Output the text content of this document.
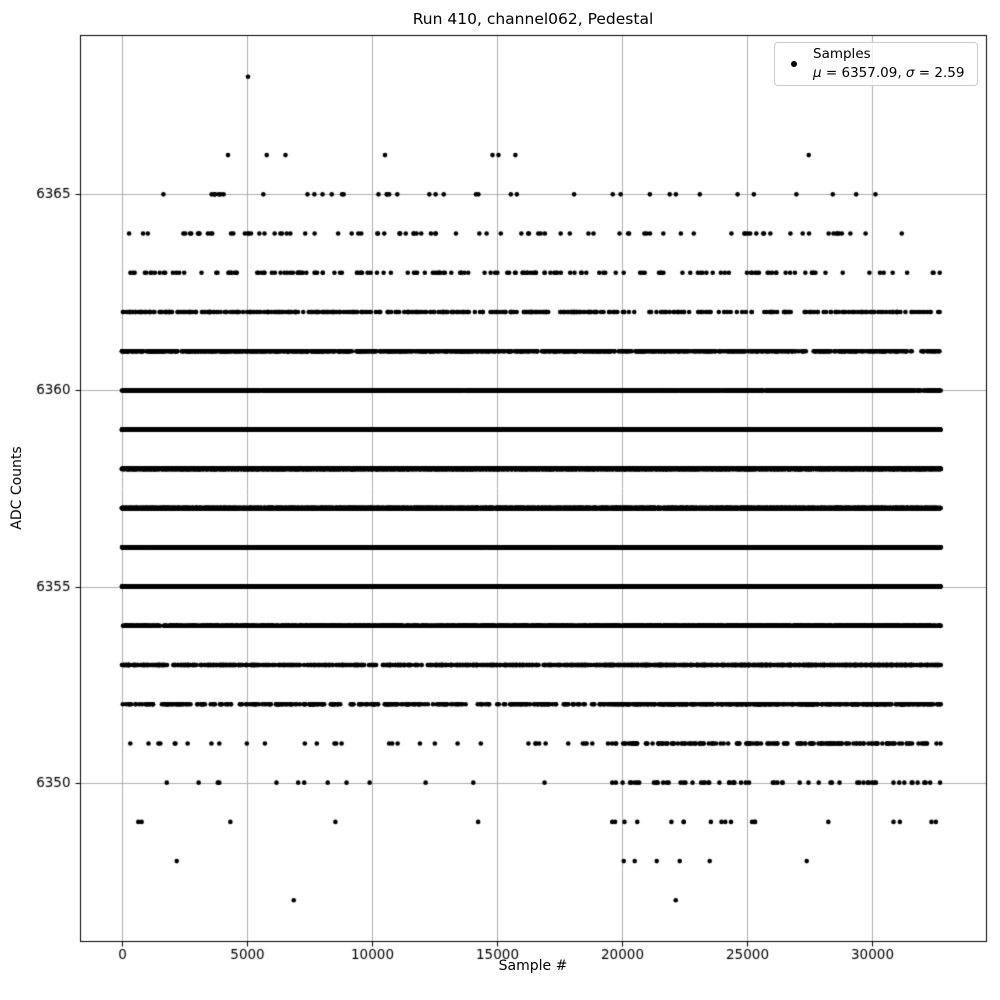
Run 410, channel062, Pedestal
Sample #
ADC Counts
Samples
μ = 6357.09, σ = 2.59
